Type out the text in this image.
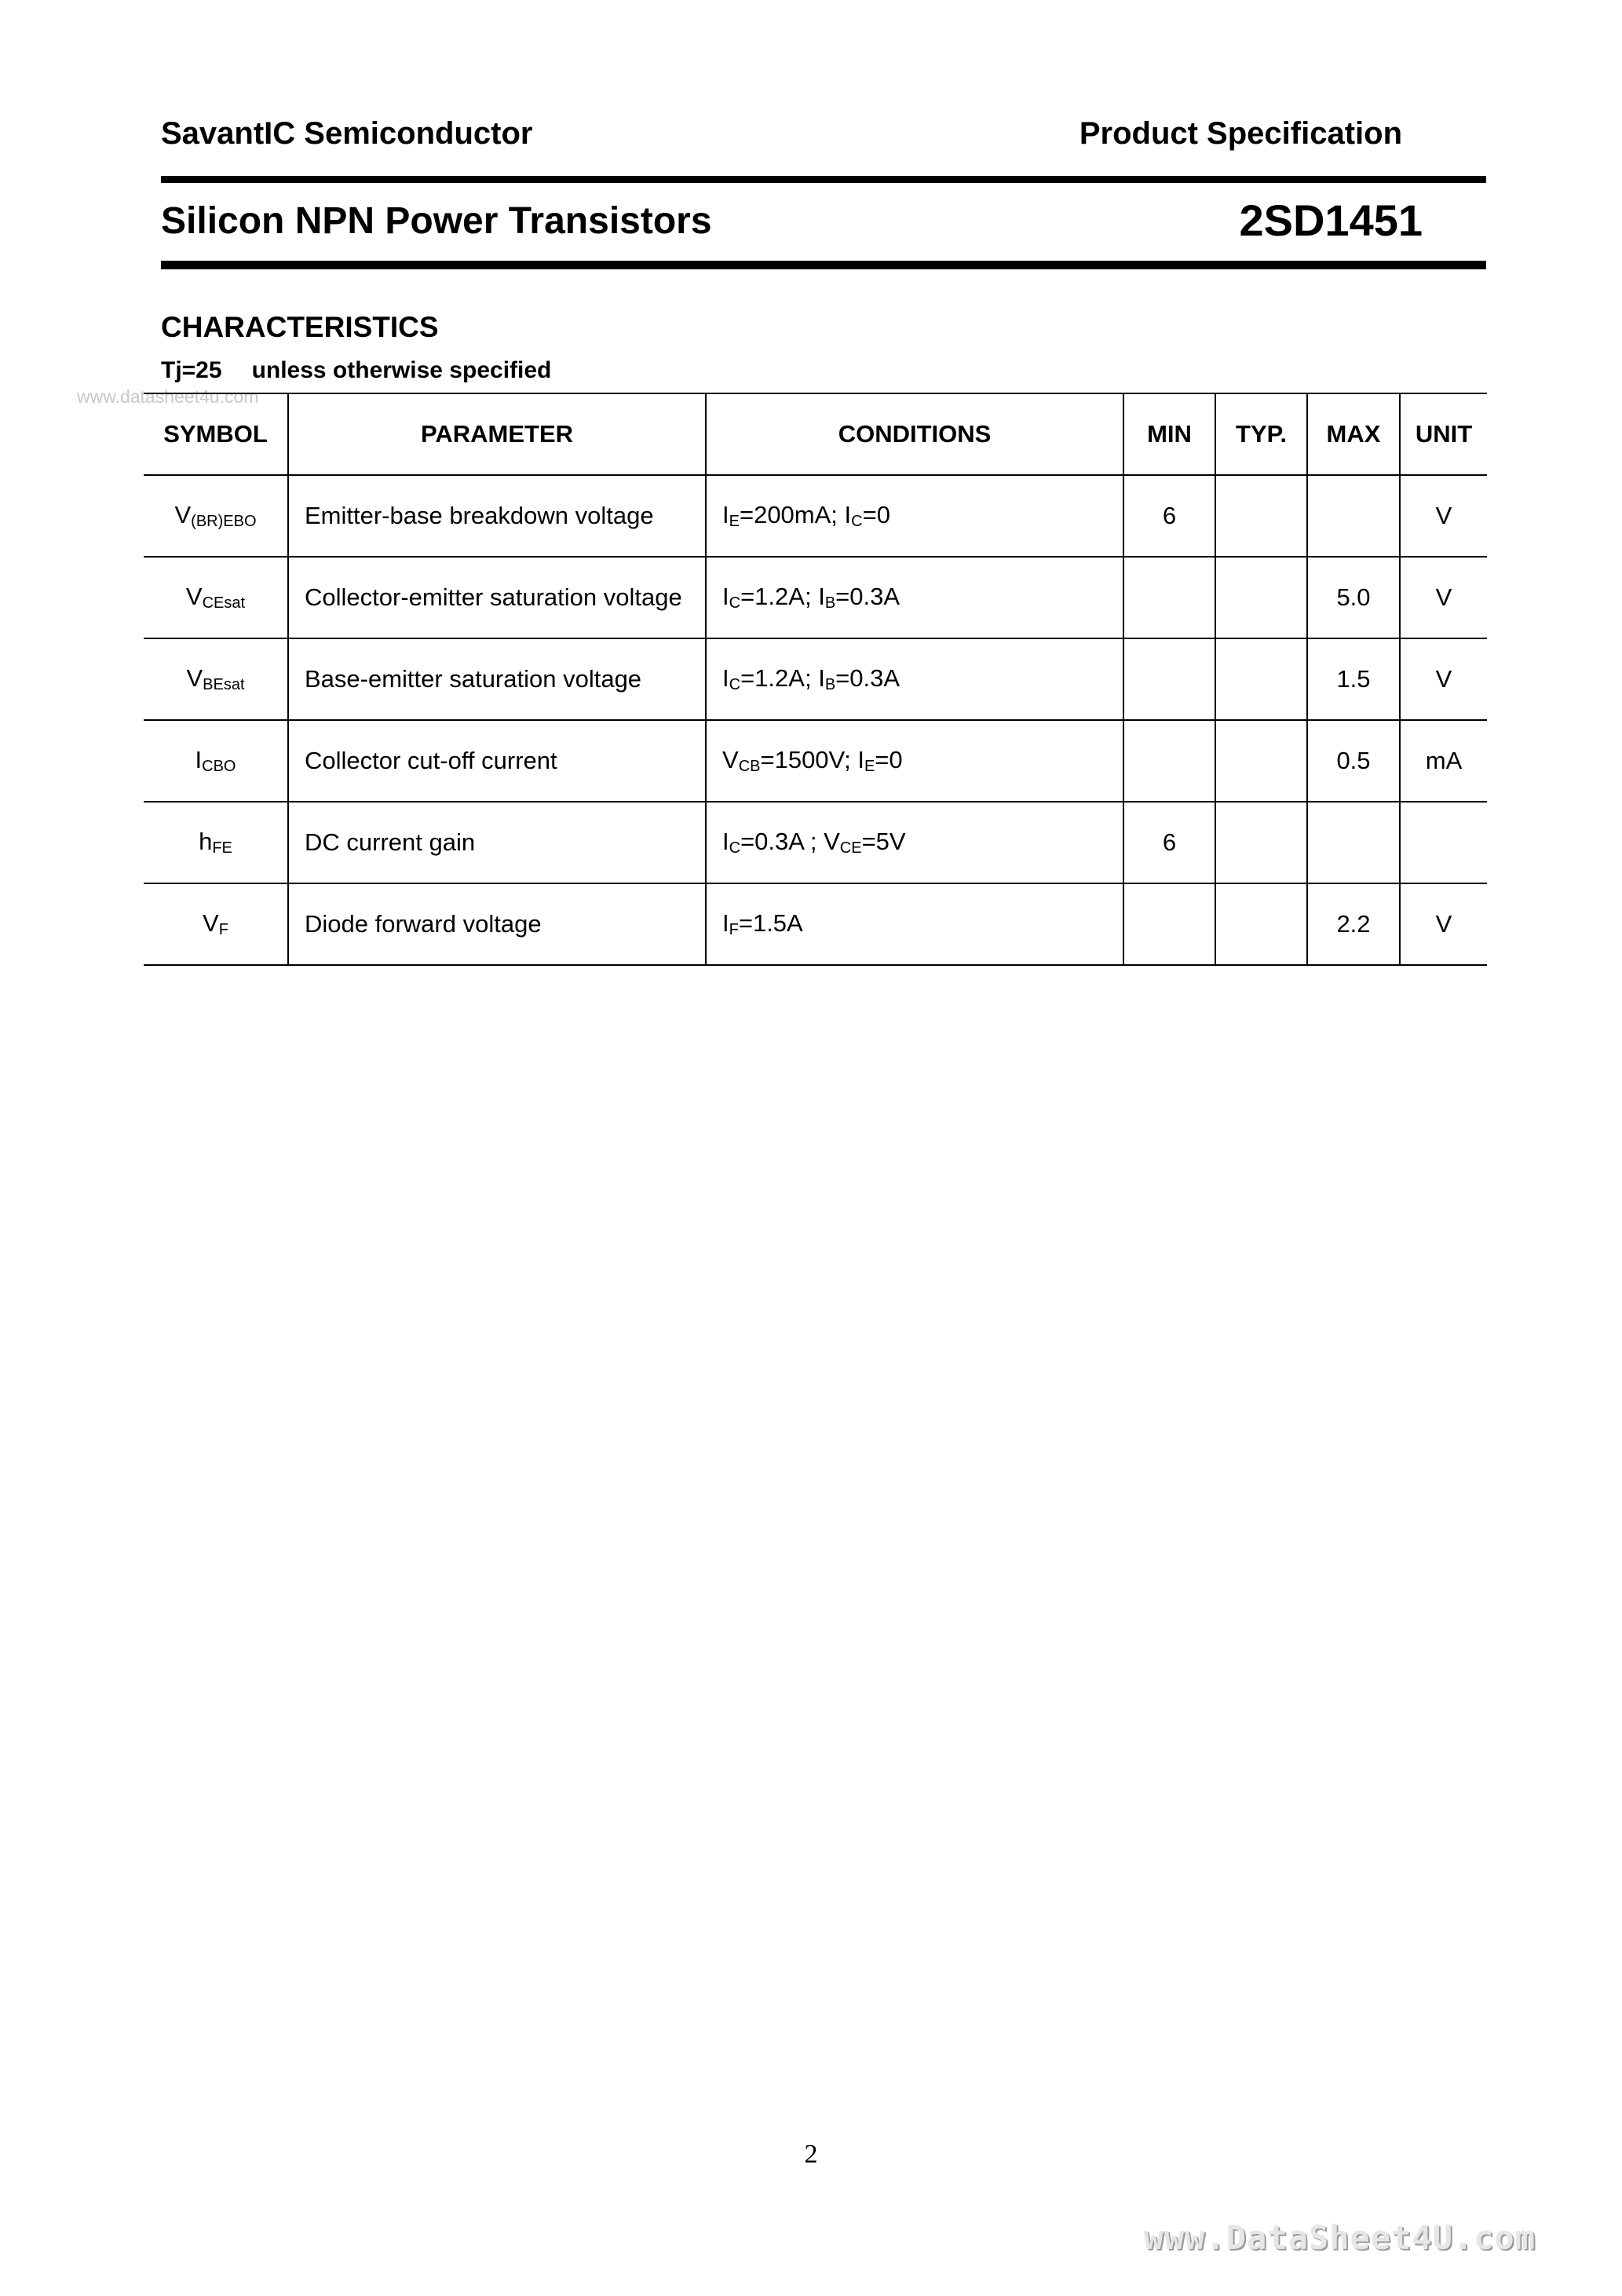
SavantIC Semiconductor	Product Specification
Silicon NPN Power Transistors	2SD1451
CHARACTERISTICS
Tj=25 unless otherwise specified
www.datasheet4u.com
SYMBOL	PARAMETER	CONDITIONS	MIN	TYP.	MAX	UNIT
$V_{(BR)EBO}$	Emitter-base breakdown voltage	$I_E=200mA$; $I_C=0$	6			V
$V_{CEsat}$	Collector-emitter saturation voltage	$I_C=1.2A$; $I_B=0.3A$			5.0	V
$V_{BEsat}$	Base-emitter saturation voltage	$I_C=1.2A$; $I_B=0.3A$			1.5	V
$I_{CBO}$	Collector cut-off current	$V_{CB}=1500V$; $I_E=0$			0.5	mA
$h_{FE}$	DC current gain	$I_C=0.3A$ ; $V_{CE}=5V$	6			
$V_F$	Diode forward voltage	$I_F=1.5A$			2.2	V
2
www.DataSheet4U.com
